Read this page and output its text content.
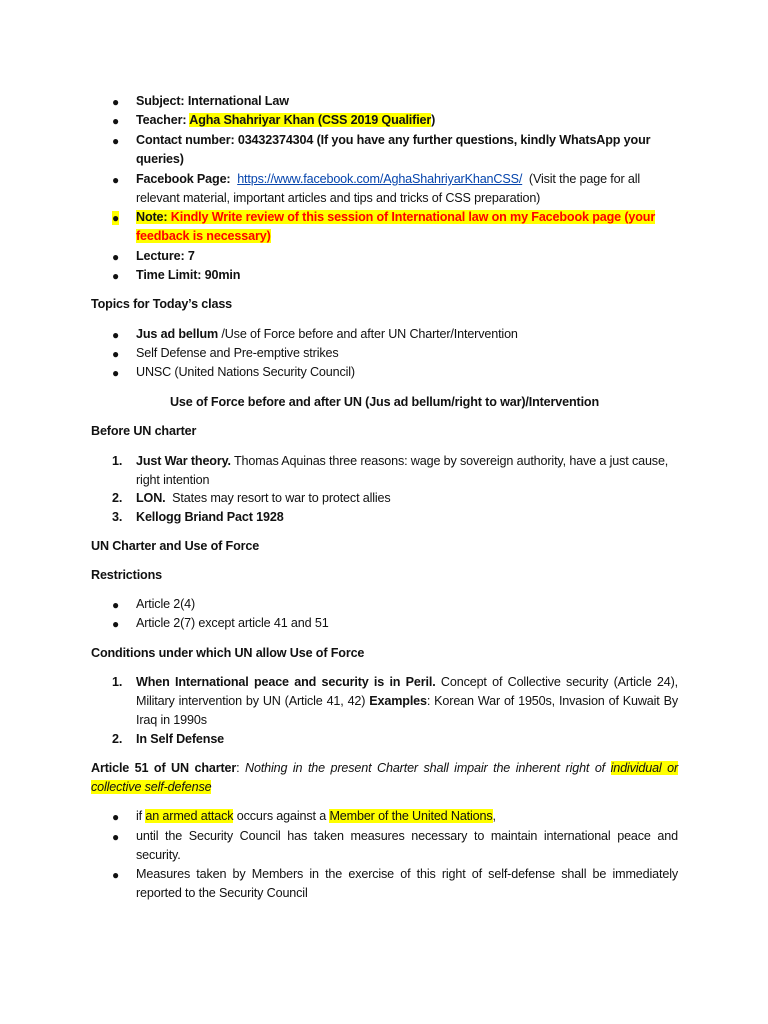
● Subject: International Law
● Teacher: Agha Shahriyar Khan (CSS 2019 Qualifier)
● Contact number: 03432374304 (If you have any further questions, kindly WhatsApp your queries)
● Facebook Page: https://www.facebook.com/AghaShahriyarKhanCSS/ (Visit the page for all relevant material, important articles and tips and tricks of CSS preparation)
● Note: Kindly Write review of this session of International law on my Facebook page (your feedback is necessary)
● Lecture: 7
● Time Limit: 90min
Topics for Today’s class
● Jus ad bellum /Use of Force before and after UN Charter/Intervention
● Self Defense and Pre-emptive strikes
● UNSC (United Nations Security Council)
Use of Force before and after UN (Jus ad bellum/right to war)/Intervention
Before UN charter
1. Just War theory. Thomas Aquinas three reasons: wage by sovereign authority, have a just cause, right intention
2. LON.  States may resort to war to protect allies
3. Kellogg Briand Pact 1928
UN Charter and Use of Force
Restrictions
● Article 2(4)
● Article 2(7) except article 41 and 51
Conditions under which UN allow Use of Force
1. When International peace and security is in Peril. Concept of Collective security (Article 24), Military intervention by UN (Article 41, 42) Examples: Korean War of 1950s, Invasion of Kuwait By Iraq in 1990s
2. In Self Defense
Article 51 of UN charter: Nothing in the present Charter shall impair the inherent right of individual or collective self-defense
● if an armed attack occurs against a Member of the United Nations,
● until the Security Council has taken measures necessary to maintain international peace and security.
● Measures taken by Members in the exercise of this right of self-defense shall be immediately reported to the Security Council
